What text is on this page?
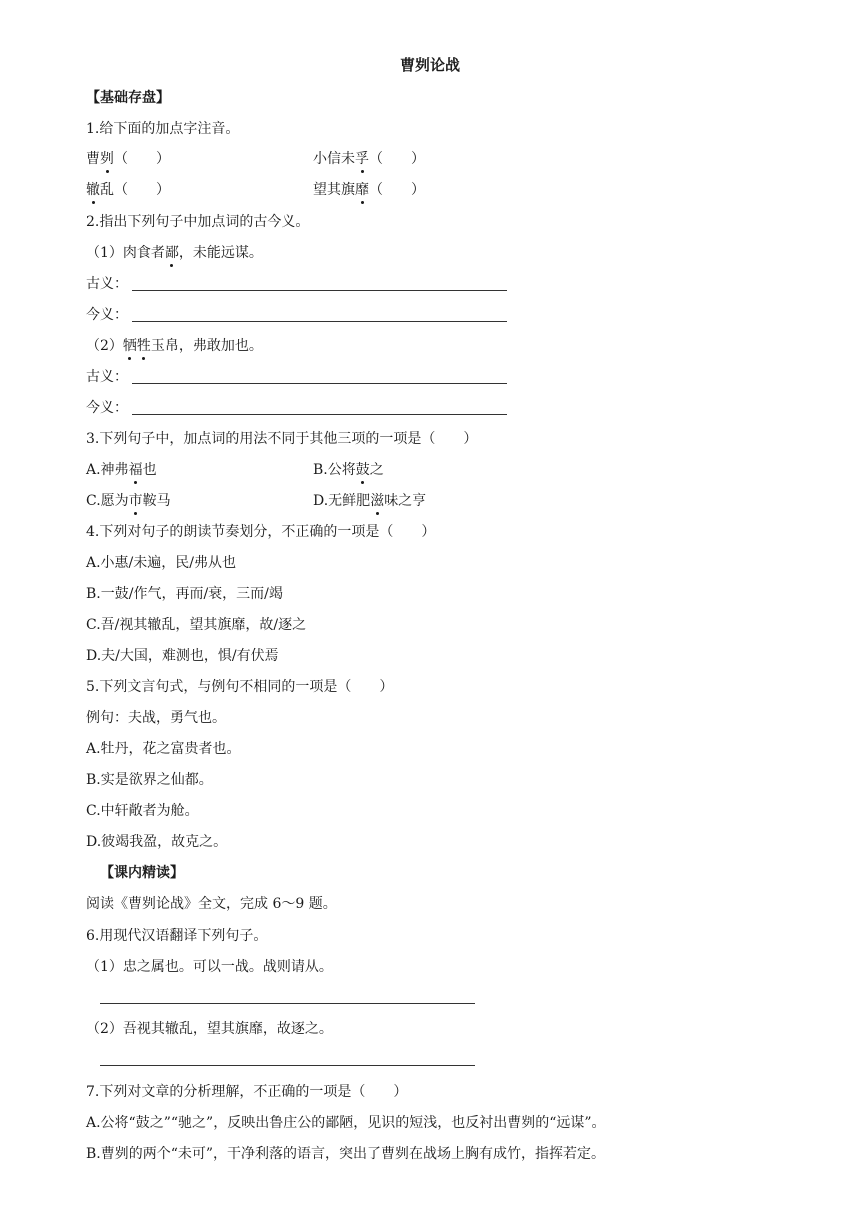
曹刿论战
【基础存盘】
1.给下面的加点字注音。
曹刿（　　）	小信未孚（　　）
辙乱（　　）	望其旗靡（　　）
2.指出下列句子中加点词的古今义。
（1）肉食者鄙，未能远谋。
古义：
今义：
（2）牺牲玉帛，弗敢加也。
古义：
今义：
3.下列句子中，加点词的用法不同于其他三项的一项是（　　）
A.神弗福也	B.公将鼓之
C.愿为市鞍马	D.无鲜肥滋味之亨
4.下列对句子的朗读节奏划分，不正确的一项是（　　）
A.小惠/未遍，民/弗从也
B.一鼓/作气，再而/衰，三而/竭
C.吾/视其辙乱，望其旗靡，故/逐之
D.夫/大国，难测也，惧/有伏焉
5.下列文言句式，与例句不相同的一项是（　　）
例句：夫战，勇气也。
A.牡丹，花之富贵者也。
B.实是欲界之仙都。
C.中轩敞者为舱。
D.彼竭我盈，故克之。
【课内精读】
阅读《曹刿论战》全文，完成 6～9 题。
6.用现代汉语翻译下列句子。
（1）忠之属也。可以一战。战则请从。
（2）吾视其辙乱，望其旗靡，故逐之。
7.下列对文章的分析理解，不正确的一项是（　　）
A.公将“鼓之”“驰之”，反映出鲁庄公的鄙陋，见识的短浅，也反衬出曹刿的“远谋”。
B.曹刿的两个“未可”，干净利落的语言，突出了曹刿在战场上胸有成竹，指挥若定。
